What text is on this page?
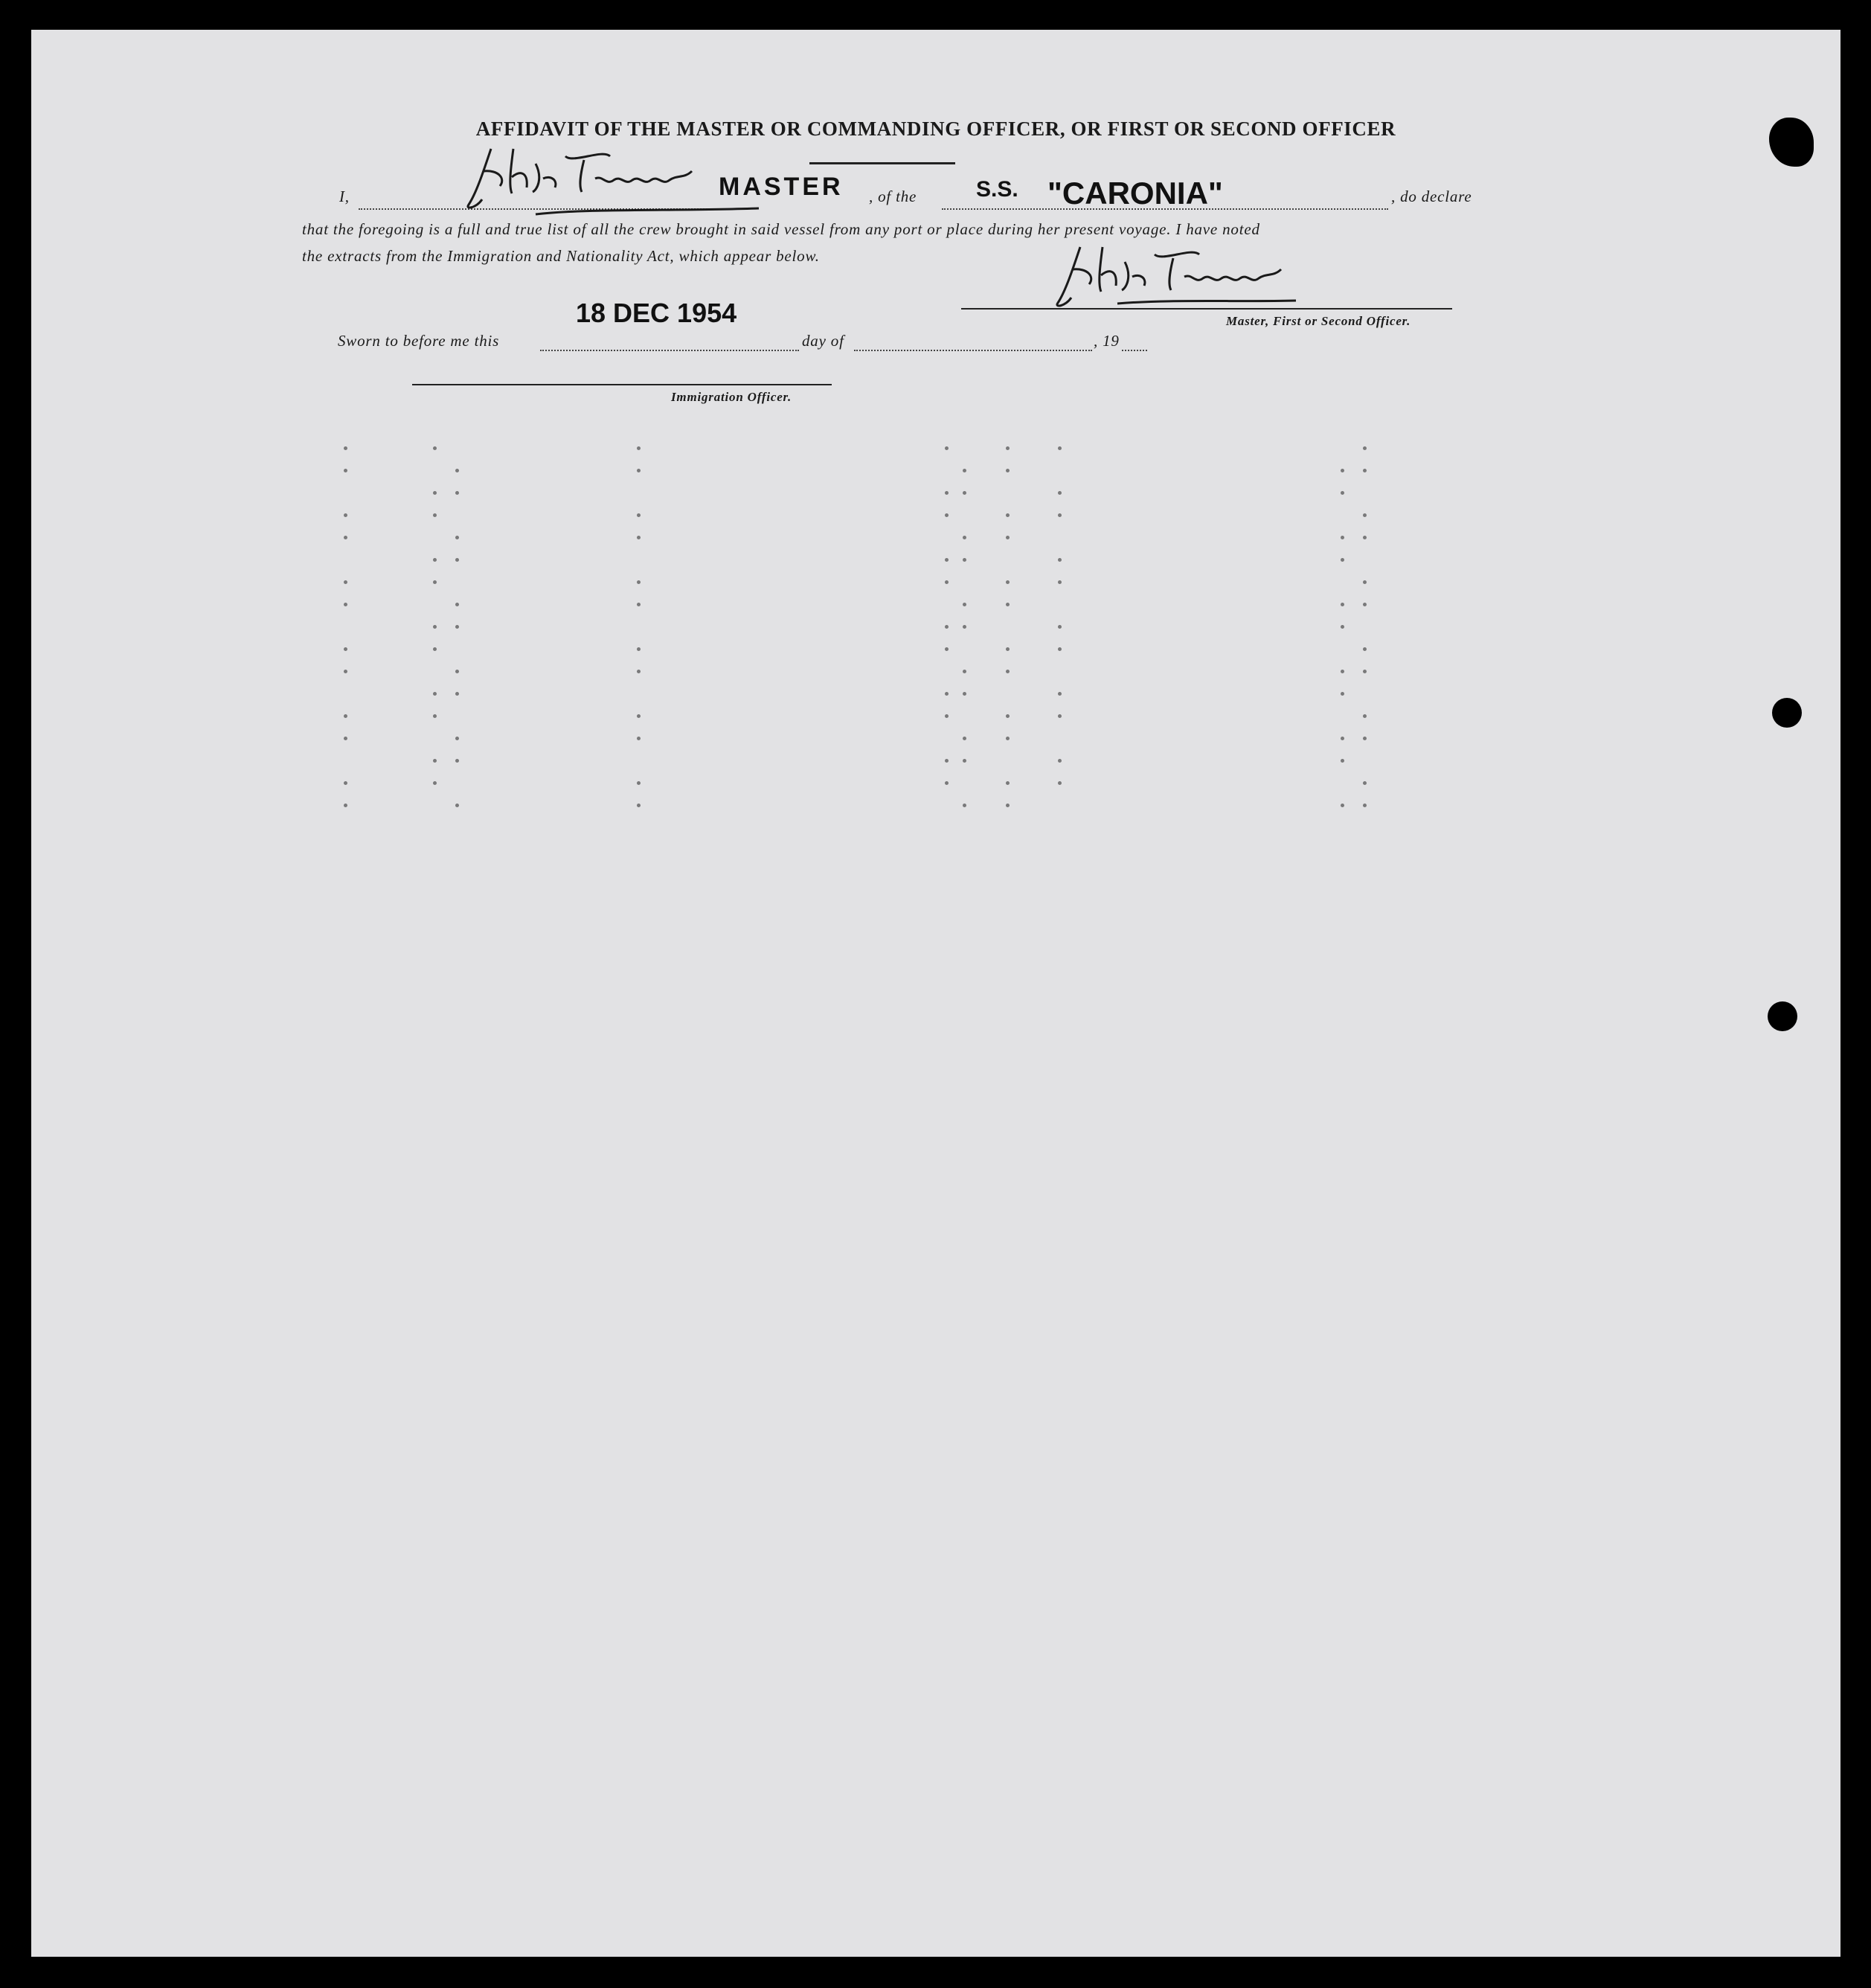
AFFIDAVIT OF THE MASTER OR COMMANDING OFFICER, OR FIRST OR SECOND OFFICER
I,	MASTER , of the	S.S. "CARONIA"	, do declare
that the foregoing is a full and true list of all the crew brought in said vessel from any port or place during her present voyage. I have noted
the extracts from the Immigration and Nationality Act, which appear below.
Master, First or Second Officer.
18 DEC 1954
Sworn to before me this	day of	, 19
Immigration Officer.
